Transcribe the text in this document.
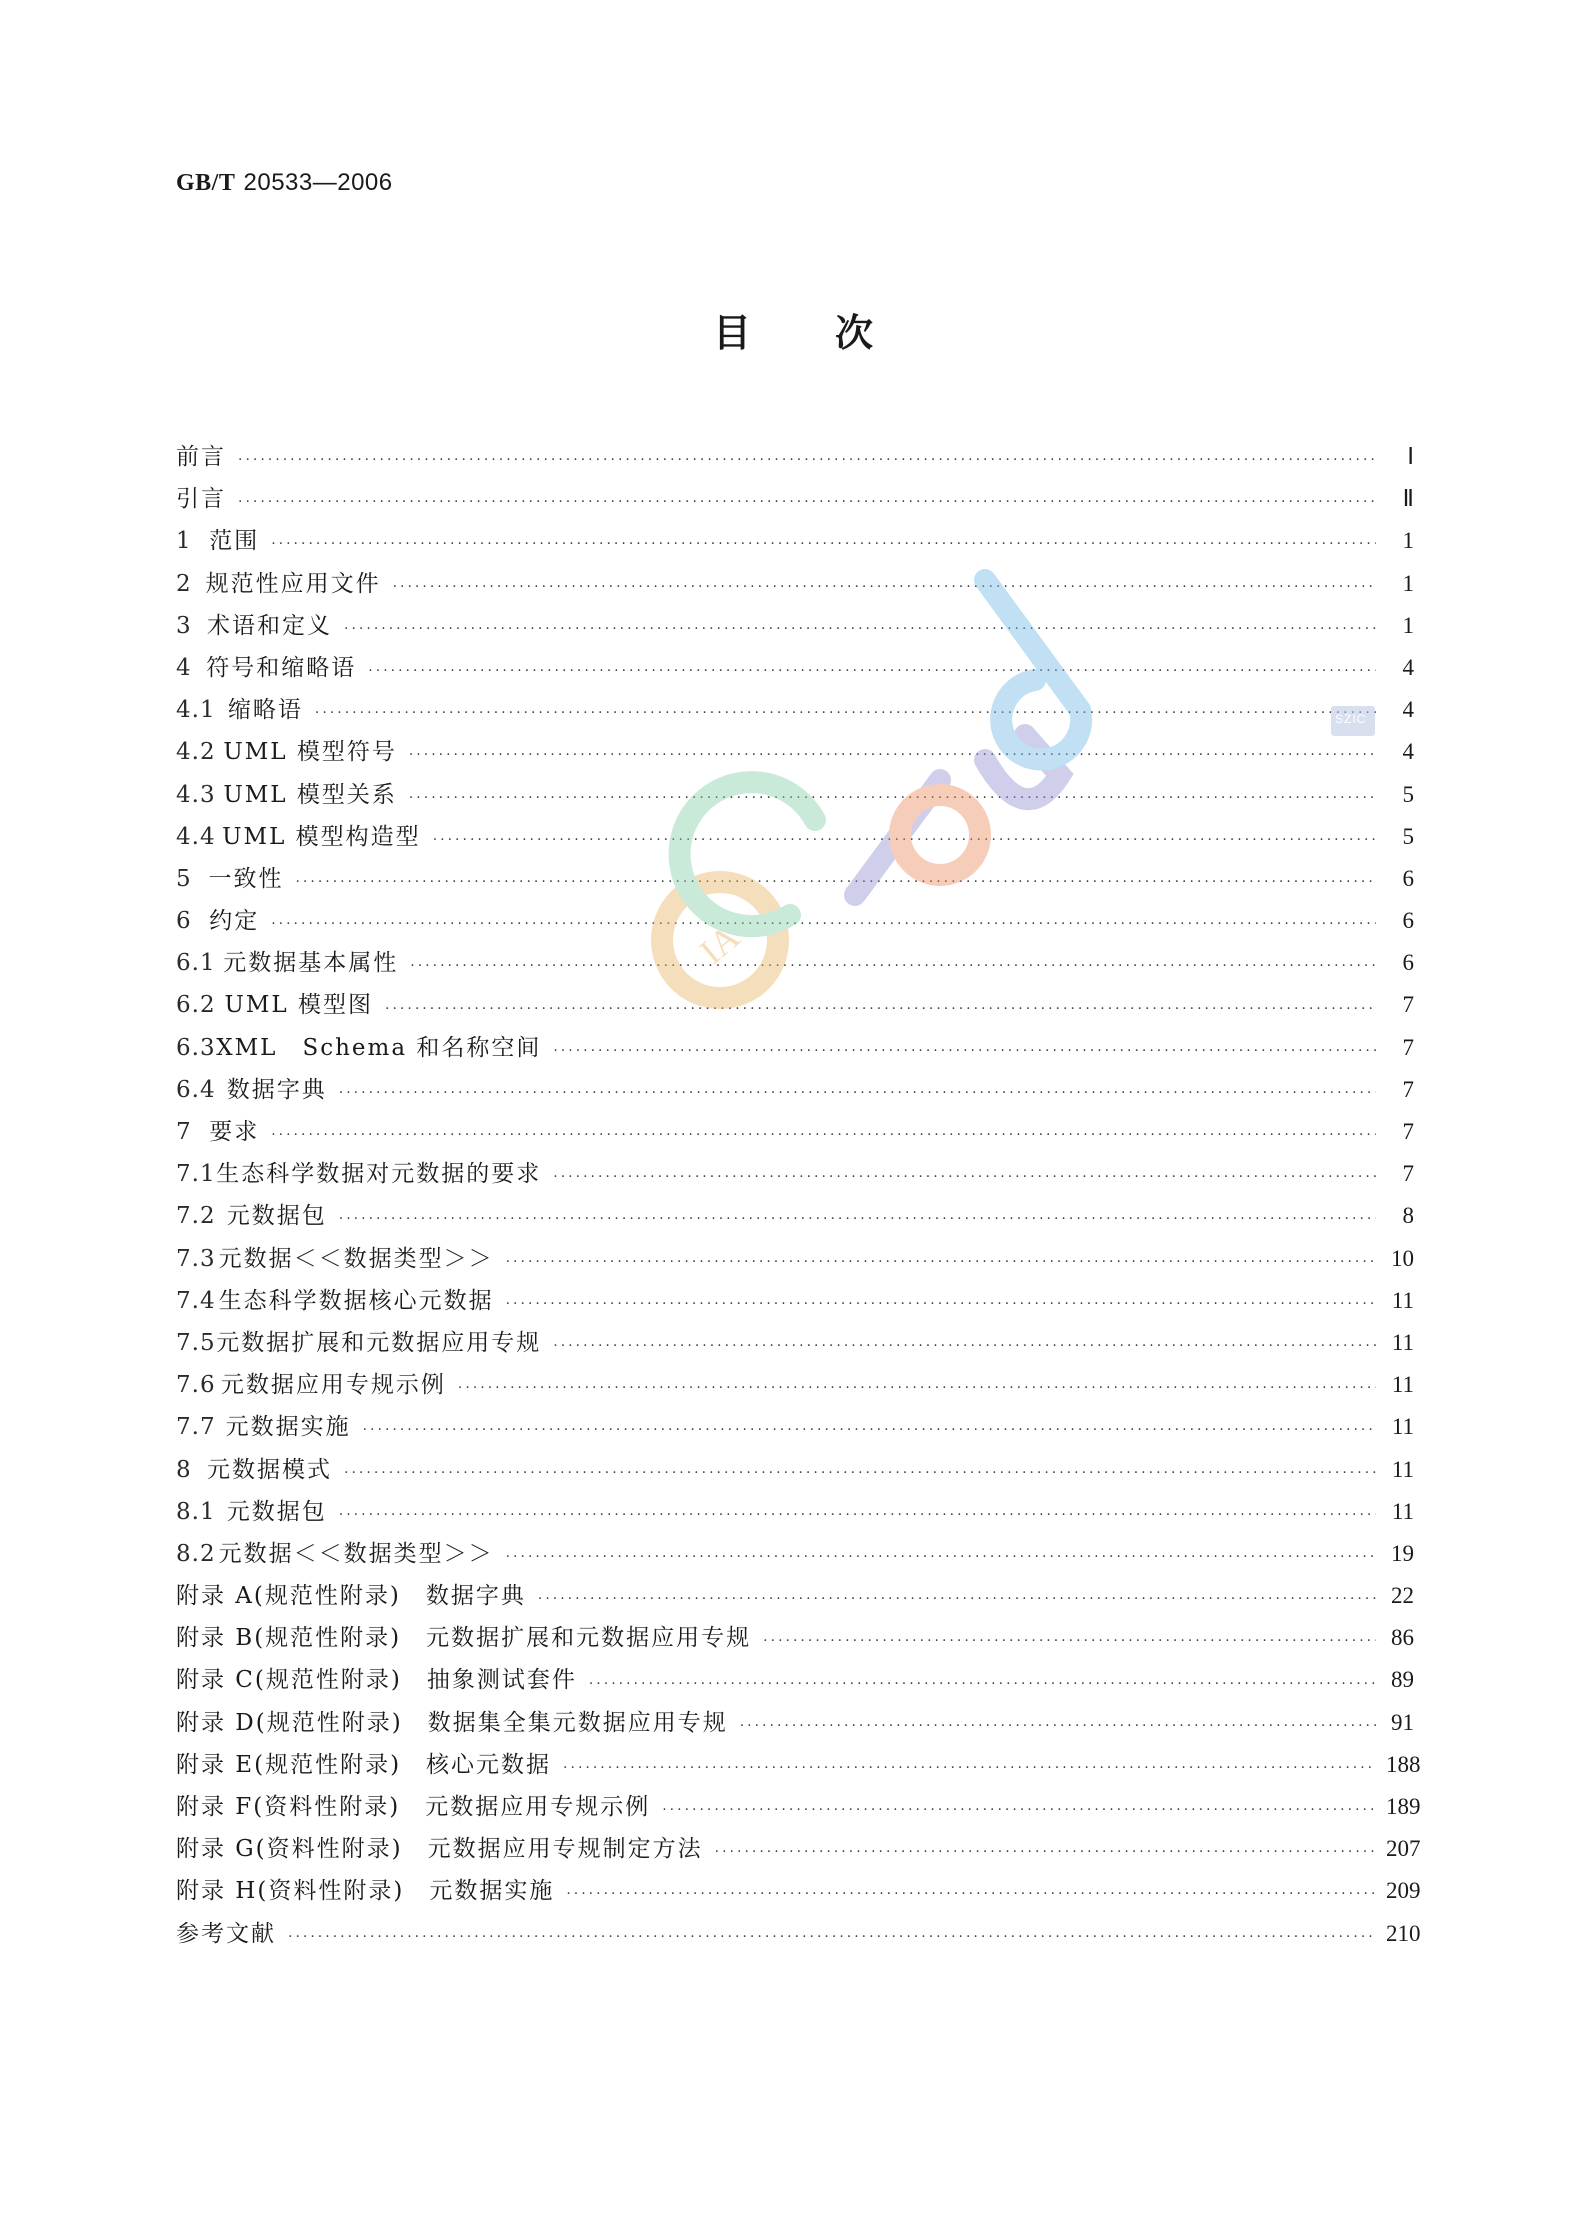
GB/T 20533—2006
目次
前言 ·····	Ⅰ
引言 ·····	Ⅱ
1 范围 ·····	1
2 规范性应用文件 ·····	1
3 术语和定义 ·····	1
4 符号和缩略语 ·····	4
4.1 缩略语 ·····	4
4.2 UML 模型符号 ·····	4
4.3 UML 模型关系 ·····	5
4.4 UML 模型构造型 ·····	5
5 一致性 ·····	6
6 约定 ·····	6
6.1 元数据基本属性 ·····	6
6.2 UML 模型图 ·····	7
6.3 XML　Schema 和名称空间 ·····	7
6.4 数据字典 ·····	7
7 要求 ·····	7
7.1 生态科学数据对元数据的要求 ·····	7
7.2 元数据包 ·····	8
7.3 元数据＜＜数据类型＞＞ ·····	10
7.4 生态科学数据核心元数据 ·····	11
7.5 元数据扩展和元数据应用专规 ·····	11
7.6 元数据应用专规示例 ·····	11
7.7 元数据实施 ·····	11
8 元数据模式 ·····	11
8.1 元数据包 ·····	11
8.2 元数据＜＜数据类型＞＞ ·····	19
附录 A(规范性附录)　数据字典 ·····	22
附录 B(规范性附录)　元数据扩展和元数据应用专规 ·····	86
附录 C(规范性附录)　抽象测试套件 ·····	89
附录 D(规范性附录)　数据集全集元数据应用专规 ·····	91
附录 E(规范性附录)　核心元数据 ·····	188
附录 F(资料性附录)　元数据应用专规示例 ·····	189
附录 G(资料性附录)　元数据应用专规制定方法 ·····	207
附录 H(资料性附录)　元数据实施 ·····	209
参考文献 ·····	210
IA
SZIC
